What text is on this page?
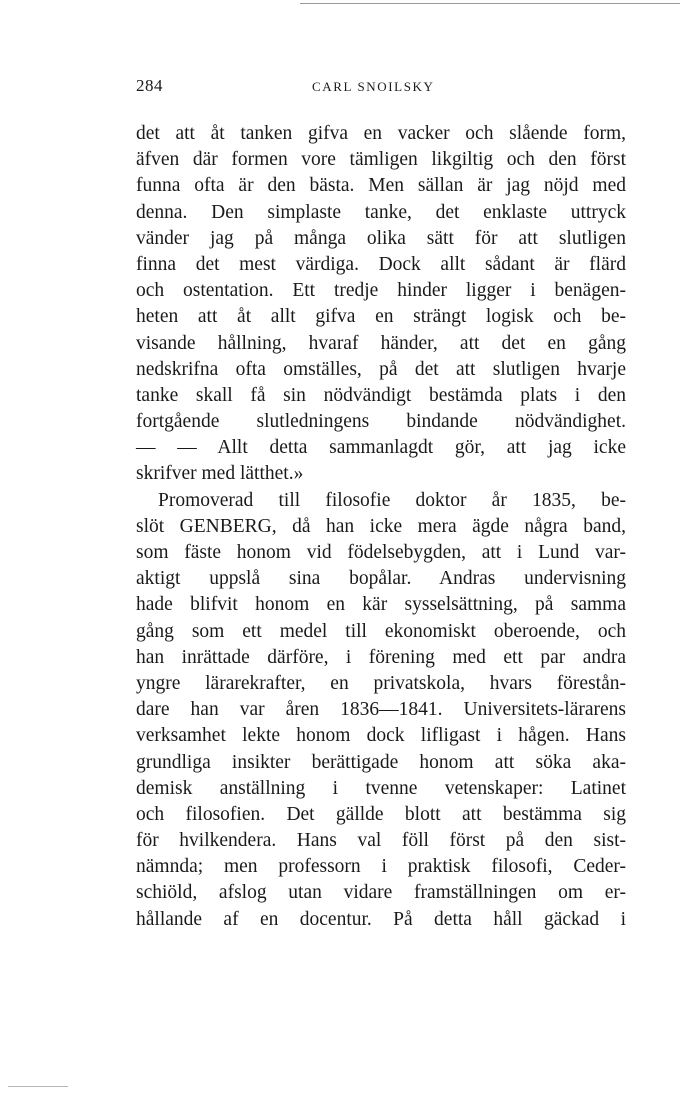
284	CARL SNOILSKY
det att åt tanken gifva en vacker och slående form,
äfven där formen vore tämligen likgiltig och den först
funna ofta är den bästa. Men sällan är jag nöjd med
denna. Den simplaste tanke, det enklaste uttryck
vänder jag på många olika sätt för att slutligen
finna det mest värdiga. Dock allt sådant är flärd
och ostentation. Ett tredje hinder ligger i benägen-
heten att åt allt gifva en strängt logisk och be-
visande hållning, hvaraf händer, att det en gång
nedskrifna ofta omställes, på det att slutligen hvarje
tanke skall få sin nödvändigt bestämda plats i den
fortgående slutledningens bindande nödvändighet.
— — Allt detta sammanlagdt gör, att jag icke
skrifver med lätthet.»
Promoverad till filosofie doktor år 1835, be-
slöt GENBERG, då han icke mera ägde några band,
som fäste honom vid födelsebygden, att i Lund var-
aktigt uppslå sina bopålar. Andras undervisning
hade blifvit honom en kär sysselsättning, på samma
gång som ett medel till ekonomiskt oberoende, och
han inrättade därföre, i förening med ett par andra
yngre lärarekrafter, en privatskola, hvars förestån-
dare han var åren 1836—1841. Universitets-lärarens
verksamhet lekte honom dock lifligast i hågen. Hans
grundliga insikter berättigade honom att söka aka-
demisk anställning i tvenne vetenskaper: Latinet
och filosofien. Det gällde blott att bestämma sig
för hvilkendera. Hans val föll först på den sist-
nämnda; men professorn i praktisk filosofi, Ceder-
schiöld, afslog utan vidare framställningen om er-
hållande af en docentur. På detta håll gäckad i
